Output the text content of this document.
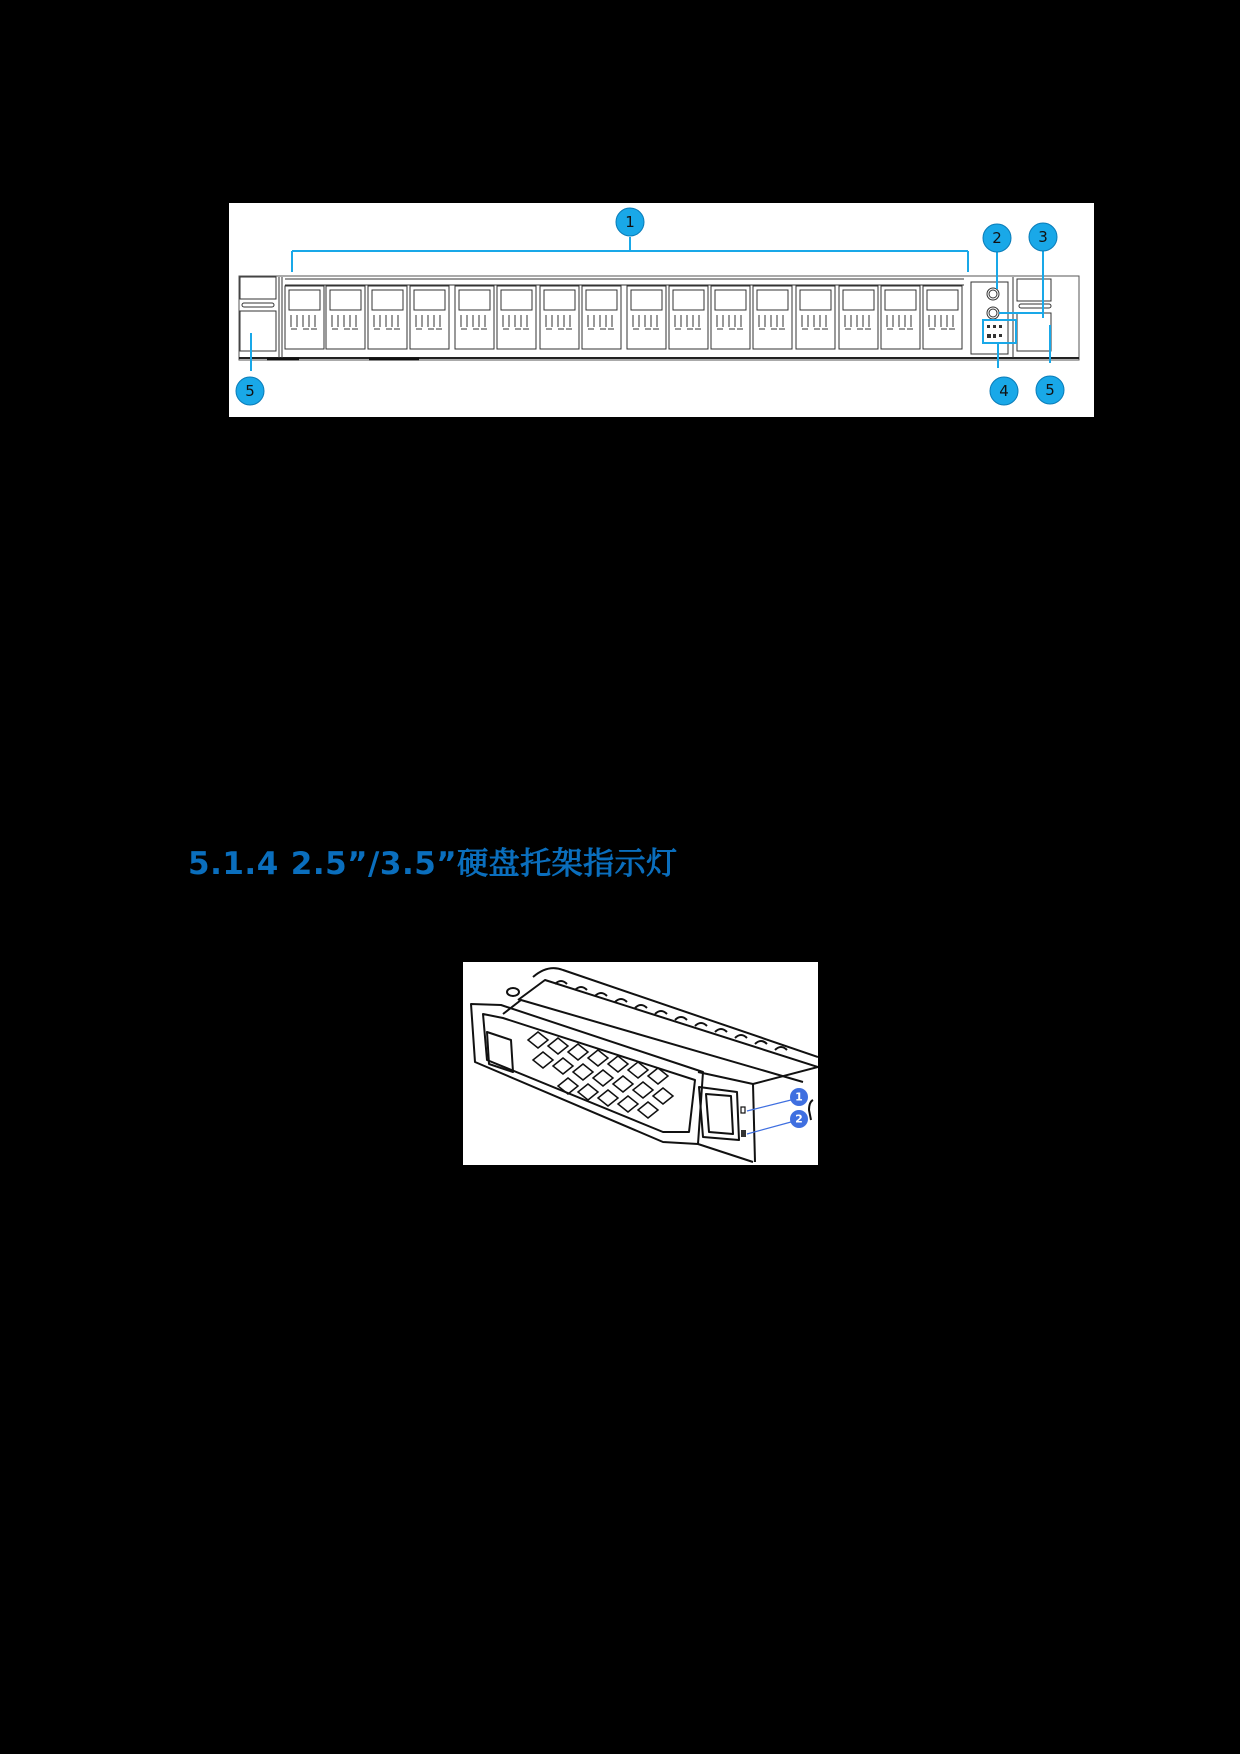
1
2 3
4 5
5
5.1.4 2.5”/3.5”硬盘托架指示灯
1
2
